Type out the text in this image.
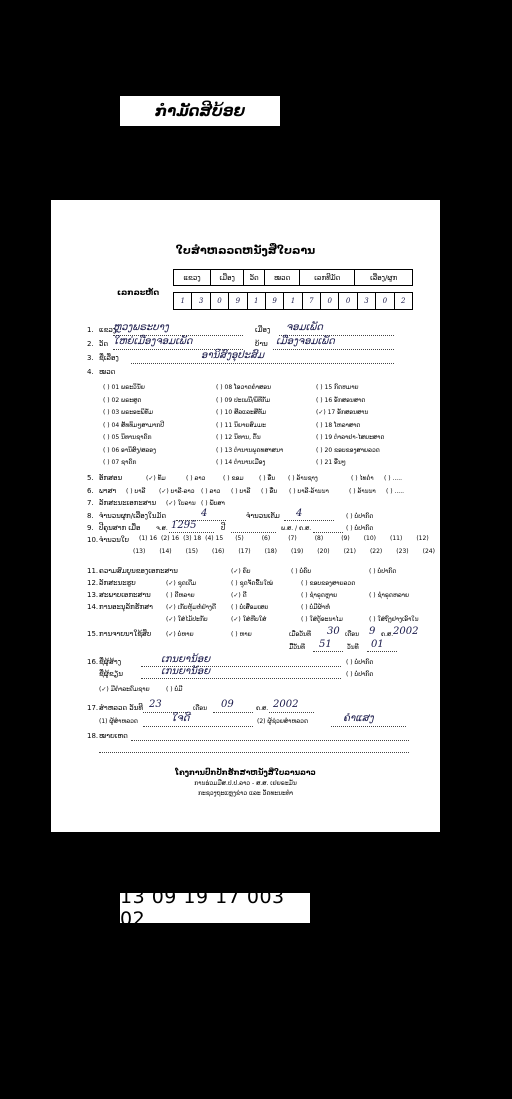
ກຳມັດສີບ້ອຍ
ໃບສຳຫລວດຫນັງສືໃບລານ
ເລກລະຫັດ
ແຂວງ	ເມືອງ	ວັດ	ໝວດ	ເລກທີມັດ	ເລື່ອງ/ຜູກ
1	3	0	9	1	9	1	7	0	0	3	0	2
1. ແຂວງ
ຫຼວງພຣະບາງ	ເມືອງ ຈອມເພັດ
2. ວັດ ໃຫຍ່ເມືອງຈອມເພັດ	ບ້ານ ເມືອງຈອມເພັດ
3. ຊື່ເລື່ອງ	ອານິສົງອຸປະສົມ
4. ໝວດ
( ) 01 ພຣະວິນັຍ
( ) 02 ພຣະສູດ
( ) 03 ພຣະອະພິທັມ
( ) 04 ສັທທິມໆສາມາກປີ
( ) 05 ນິທານຊາດົກ
( ) 06 ອານິສົງ/ສລອງ
( ) 07 ຊາດົກ
( ) 08 ໂອວາດຄຳສອນ
( ) 09 ປະເພນີ/ພິທີກັມ
( ) 10 ສີລແລະສີທັມ
( ) 11 ນິຍາຍສົມມະ
( ) 12 ນິທານ, ຕົ້ນ
( ) 13 ຕຳນານພຸດທສາສນາ
( ) 14 ຕຳນານເມືອງ
( ) 15 ກົດຫມາຍ
( ) 16 ອັກສອນສາດ
(✓) 17 ອັກສອນສານ
( ) 18 ໂຫລາສາດ
( ) 19 ຕຳລາຢາ-ໄສຍະສາດ
( ) 20 ຂອບຂອງສາຍລວດ
( ) 21 ອື່ນໆ
5. ອັກສອນ	(✓) ທັມ	( ) ລາວ	( ) ຂອມ	( ) ອື່ນ ( ) ລ້ານຊາງ	( ) ໄທດຳ ( ) .....
6. ພາສາ ( ) ບາລີ (✓) ບາລີ-ລາວ ( ) ລາວ ( ) ບາລີ ( ) ອື່ນ ( ) ບາລີ-ລ້ານນາ	( ) ລ້ານນາ ( ) .....
7. ລັກສະນະເອກະສານ (✓) ໃບລານ ( ) ພັບສາ
8. ຈຳນວນຜູກ/ເລື່ອງໃນມັດ	4	ຈຳນວນເຕັມ 4	( ) ບໍ່ປາກົດ
9. ປີຄຸນສາກ ເມື່ອ	ຈ.ສ. 1295	ປີ	ພ.ສ. / ຄ.ສ.	( ) ບໍ່ປາກົດ
10. ຈຳນວນໃບ (1) 16 (2) 16 (3) 18 (4) 15 (5)	(6)	(7)	(8)	(9) (10) (11) (12)
(13) (14) (15) (16) (17) (18) (19) (20) (21) (22) (23) (24)
11. ຄວາມສົມບູນຂອງເອກະສານ	(✓) ຄົບ	( ) ບໍ່ຄົບ	( ) ບໍ່ປາກົດ
12. ລັກສະນະຮູບ	(✓) ຊຸດເດີມ	( ) ຊຸດຈັດຂື້ນໃໝ່	( ) ຂອບຂອງສາຍລວດ
13. ສະພາບເອກະສານ	( ) ດີຫລາຍ	(✓) ດີ	( ) ຊຳຣຸດຫຼາຍ	( ) ຊຳຣຸດຫລາຍ
14. ການອະນຸລັກຮັກສາ (✓) ເກັບຫຸ້ມຫໍ່ຢ່າງດີ	( ) ບໍ່ເສື່ອມເສຍ	( ) ບໍ່ມີຜ້າຫໍ່
(✓) ໃສ່ໄມ້ປະກັບ	(✓) ໃສ່ຫີບໃສ່	( ) ໃສ່ຕູ້ອະນາໄມ	( ) ໃສ່ຖົງຢາງເອົາໃນ
15. ການຈາຍນາໃຊ້ສຶບ (✓) ບໍ່ຫາຍ	( ) ຫາຍ	ເມື່ອວັນທີ 30 ເດືອນ 9 ຄ.ສ. 2002
ມື້ວັນທີ 51	ວັນທີ 01
16. ຊື່ຜູ້ສ້າງ	ເກນຍານ້ອຍ	( ) ບໍ່ປາກົດ
ຊື່ຜູ້ຂຽນ	ເກນຍານ້ອຍ	( ) ບໍ່ປາກົດ
(✓) ມີຄຳລະດົມຊາຍ	( ) ບໍ່ມີ
17. ສຳຫລວດ ວັນທີ 23	ເດືອນ 09	ຄ.ສ. 2002
(1) ຜູ້ສຳຫລວດ	ໃຈດີ	(2) ຜູ້ຊ່ວຍສຳຫລວດ	ຄຳແສງ
18. ໝາຍເຫດ
ໂຄງການປົກປັກຮັກສາຫນັງສືໃບລານລາວ
ການຮ່ວມມືສ.ປ.ປ.ລາວ - ສ.ສ. ເຢຍຣະມັນ
ກະຊວງຖະແຫຼງຂ່າວ ແລະ ວັດທະນະທຳ
13 09 19 17 003 02
